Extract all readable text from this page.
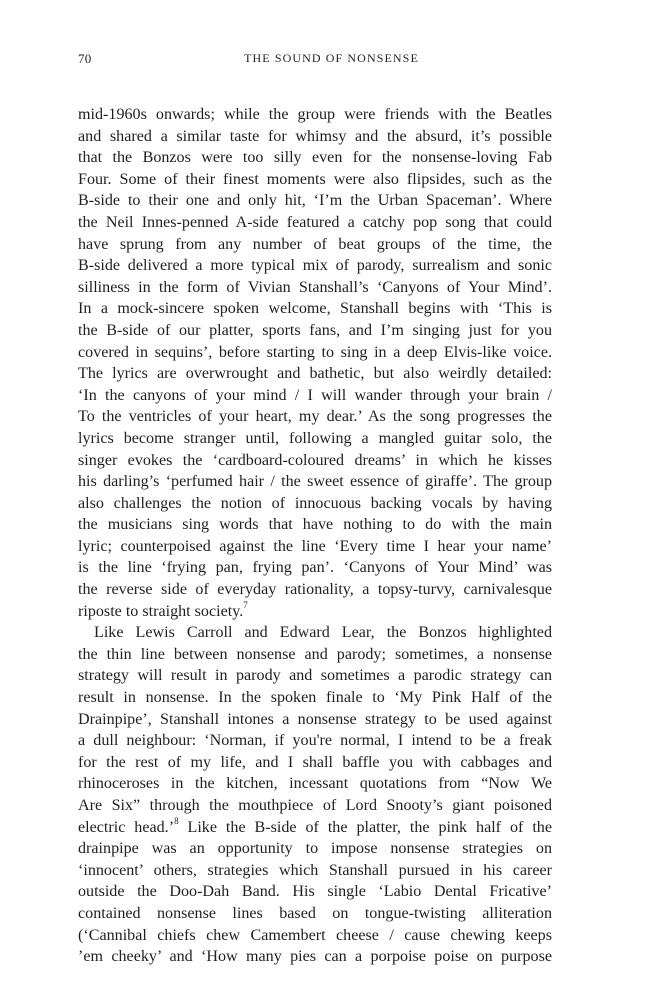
70	THE SOUND OF NONSENSE
mid-1960s onwards; while the group were friends with the Beatles
and shared a similar taste for whimsy and the absurd, it’s possible
that the Bonzos were too silly even for the nonsense-loving Fab
Four. Some of their finest moments were also flipsides, such as the
B-side to their one and only hit, ‘I’m the Urban Spaceman’. Where
the Neil Innes-penned A-side featured a catchy pop song that could
have sprung from any number of beat groups of the time, the
B-side delivered a more typical mix of parody, surrealism and sonic
silliness in the form of Vivian Stanshall’s ‘Canyons of Your Mind’.
In a mock-sincere spoken welcome, Stanshall begins with ‘This is
the B-side of our platter, sports fans, and I’m singing just for you
covered in sequins’, before starting to sing in a deep Elvis-like voice.
The lyrics are overwrought and bathetic, but also weirdly detailed:
‘In the canyons of your mind / I will wander through your brain /
To the ventricles of your heart, my dear.’ As the song progresses the
lyrics become stranger until, following a mangled guitar solo, the
singer evokes the ‘cardboard-coloured dreams’ in which he kisses
his darling’s ‘perfumed hair / the sweet essence of giraffe’. The group
also challenges the notion of innocuous backing vocals by having
the musicians sing words that have nothing to do with the main
lyric; counterpoised against the line ‘Every time I hear your name’
is the line ‘frying pan, frying pan’. ‘Canyons of Your Mind’ was
the reverse side of everyday rationality, a topsy-turvy, carnivalesque
riposte to straight society.$^7$
Like Lewis Carroll and Edward Lear, the Bonzos highlighted
the thin line between nonsense and parody; sometimes, a nonsense
strategy will result in parody and sometimes a parodic strategy can
result in nonsense. In the spoken finale to ‘My Pink Half of the
Drainpipe’, Stanshall intones a nonsense strategy to be used against
a dull neighbour: ‘Norman, if you're normal, I intend to be a freak
for the rest of my life, and I shall baffle you with cabbages and
rhinoceroses in the kitchen, incessant quotations from “Now We
Are Six” through the mouthpiece of Lord Snooty’s giant poisoned
electric head.’$^8$ Like the B-side of the platter, the pink half of the
drainpipe was an opportunity to impose nonsense strategies on
‘innocent’ others, strategies which Stanshall pursued in his career
outside the Doo-Dah Band. His single ‘Labio Dental Fricative’
contained nonsense lines based on tongue-twisting alliteration
(‘Cannibal chiefs chew Camembert cheese / cause chewing keeps
’em cheeky’ and ‘How many pies can a porpoise poise on purpose
